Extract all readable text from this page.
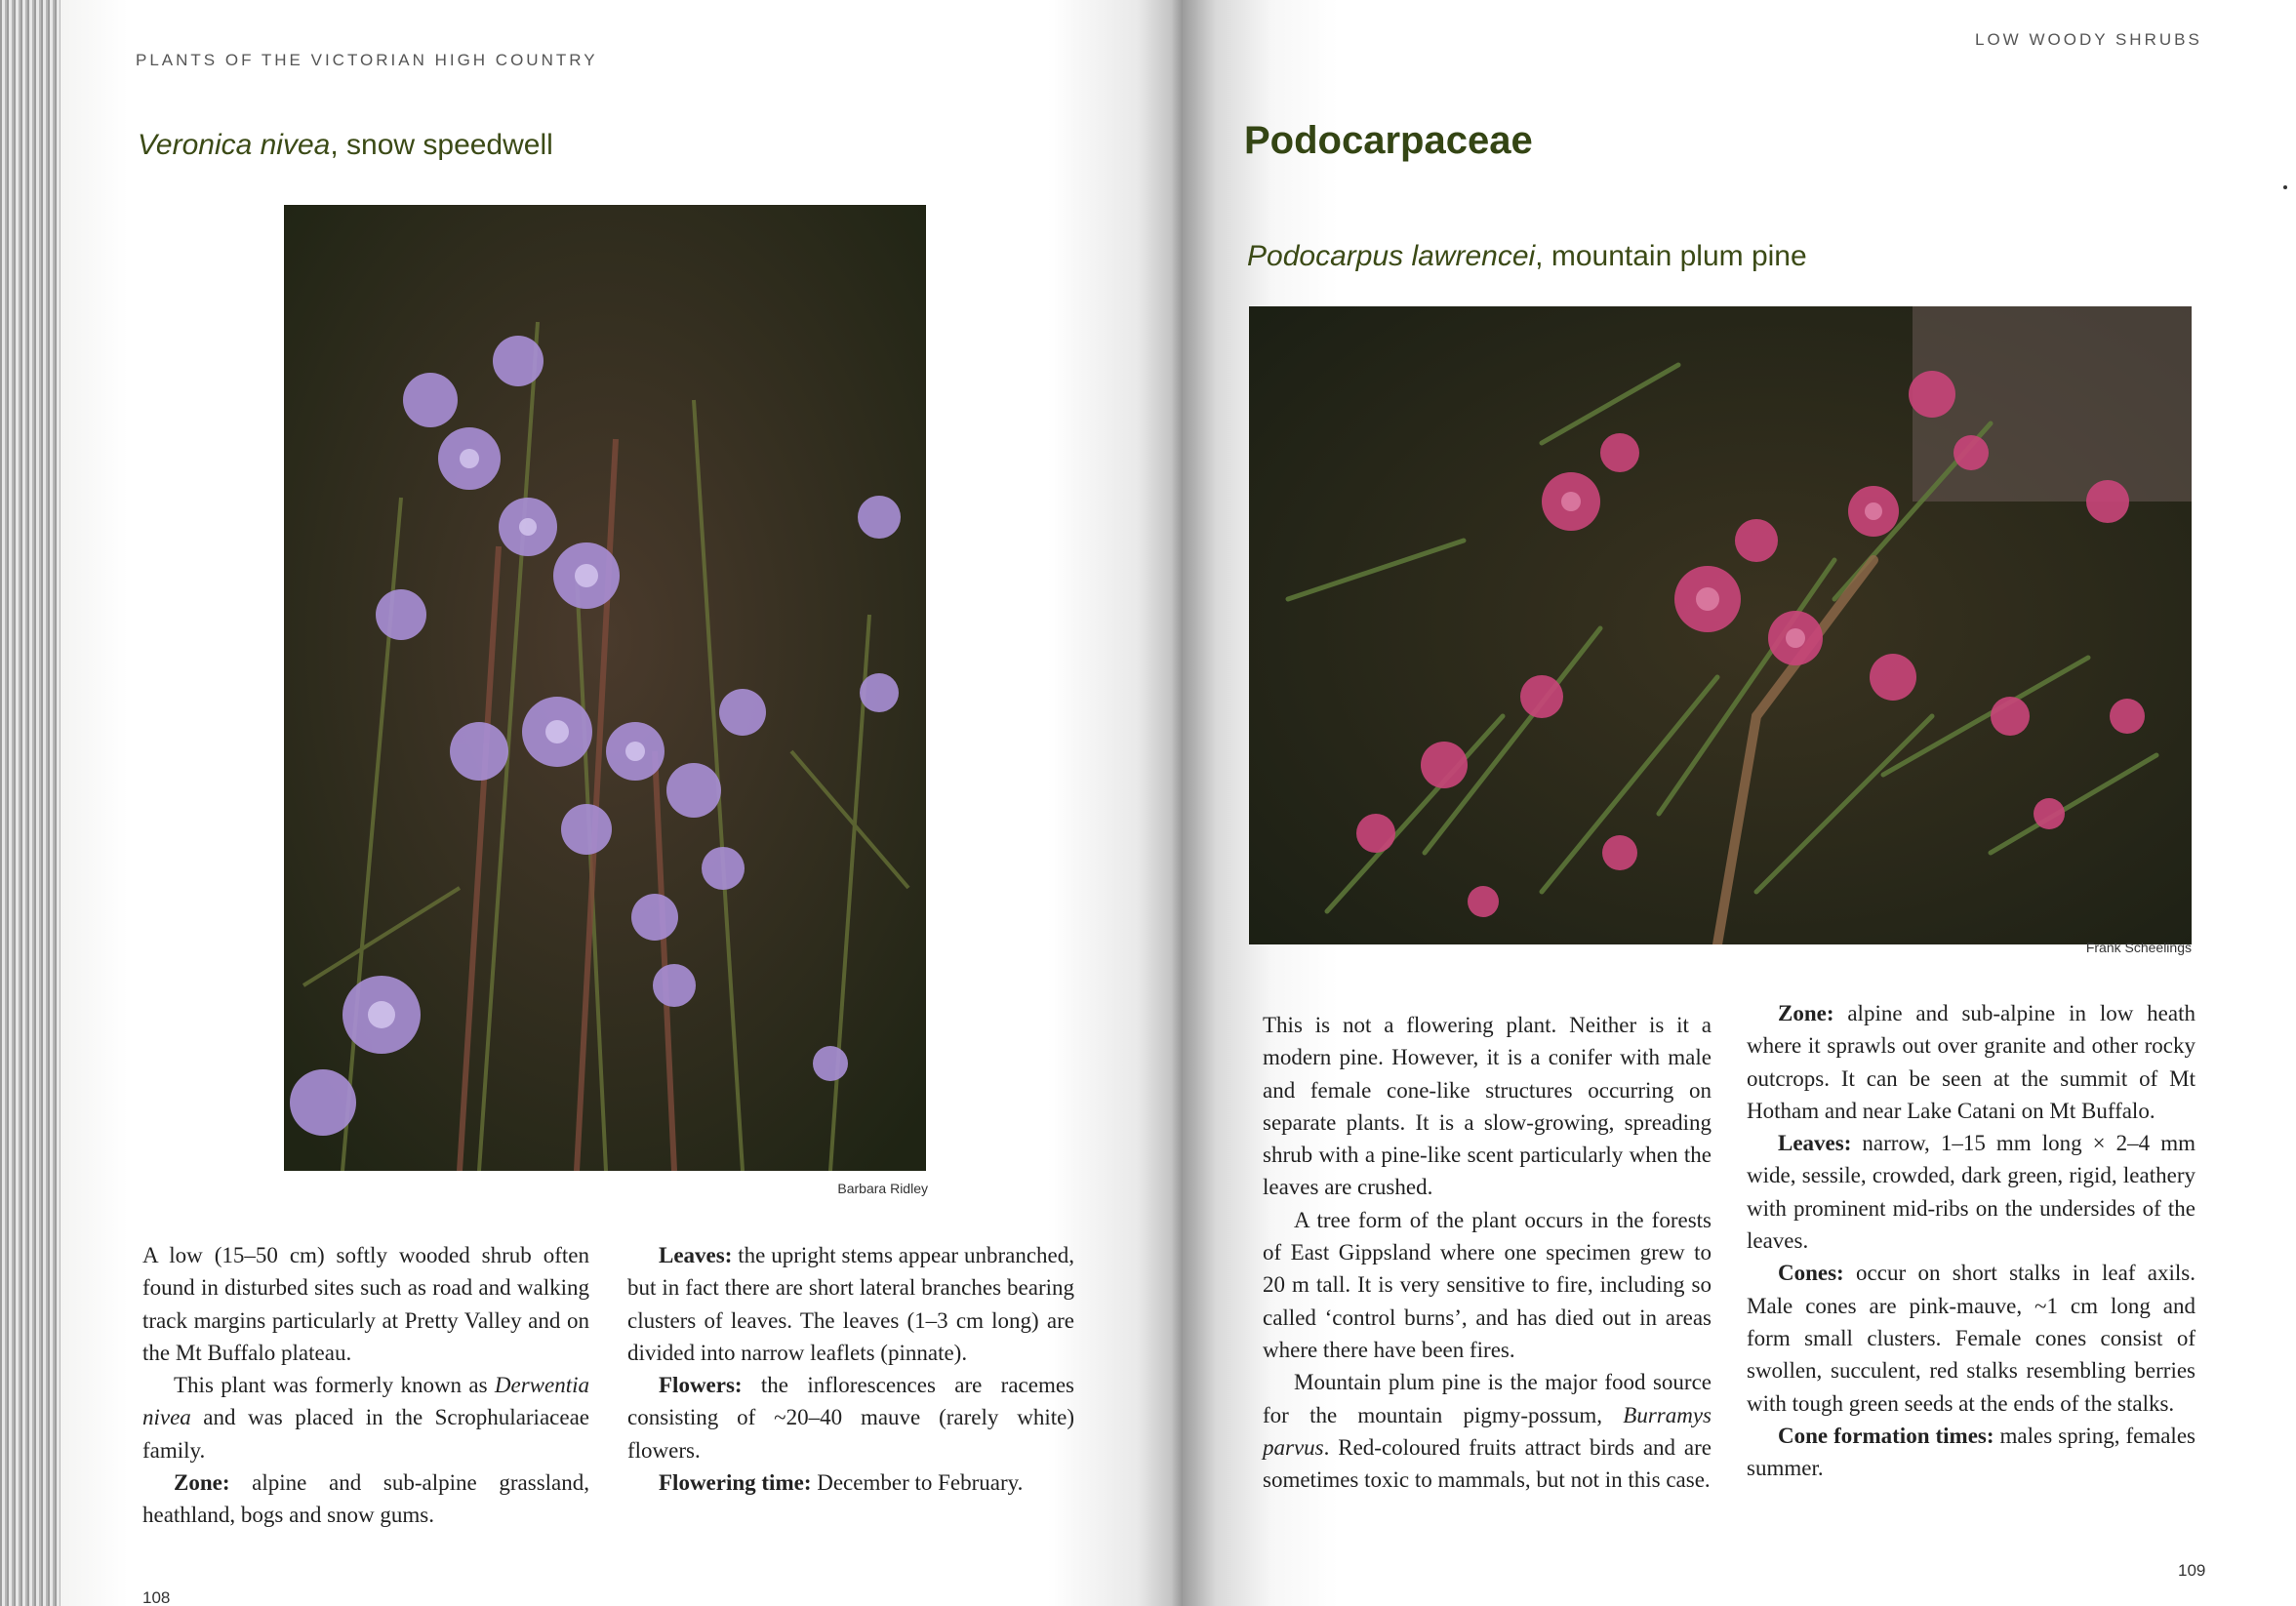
PLANTS OF THE VICTORIAN HIGH COUNTRY
Veronica nivea, snow speedwell
Barbara Ridley

A low (15–50 cm) softly wooded shrub often found in disturbed sites such as road and walking track margins particularly at Pretty Valley and on the Mt Buffalo plateau.

This plant was formerly known as Derwentia nivea and was placed in the Scrophulariaceae family.

Zone: alpine and sub-alpine grassland, heathland, bogs and snow gums.

Leaves: the upright stems appear unbranched, but in fact there are short lateral branches bearing clusters of leaves. The leaves (1–3 cm long) are divided into narrow leaflets (pinnate).

Flowers: the inflorescences are racemes consisting of ~20–40 mauve (rarely white) flowers.

Flowering time: December to February.

108
LOW WOODY SHRUBS
Podocarpaceae
Podocarpus lawrencei, mountain plum pine
Frank Scheelings

This is not a flowering plant. Neither is it a modern pine. However, it is a conifer with male and female cone-like structures occurring on separate plants. It is a slow-growing, spreading shrub with a pine-like scent particularly when the leaves are crushed.

A tree form of the plant occurs in the forests of East Gippsland where one specimen grew to 20 m tall. It is very sensitive to fire, including so called ‘control burns’, and has died out in areas where there have been fires.

Mountain plum pine is the major food source for the mountain pigmy-possum, Burramys parvus. Red-coloured fruits attract birds and are sometimes toxic to mammals, but not in this case.

Zone: alpine and sub-alpine in low heath where it sprawls out over granite and other rocky outcrops. It can be seen at the summit of Mt Hotham and near Lake Catani on Mt Buffalo.

Leaves: narrow, 1–15 mm long × 2–4 mm wide, sessile, crowded, dark green, rigid, leathery with prominent mid-ribs on the undersides of the leaves.

Cones: occur on short stalks in leaf axils. Male cones are pink-mauve, ~1 cm long and form small clusters. Female cones consist of swollen, succulent, red stalks resembling berries with tough green seeds at the ends of the stalks.

Cone formation times: males spring, females summer.

109
